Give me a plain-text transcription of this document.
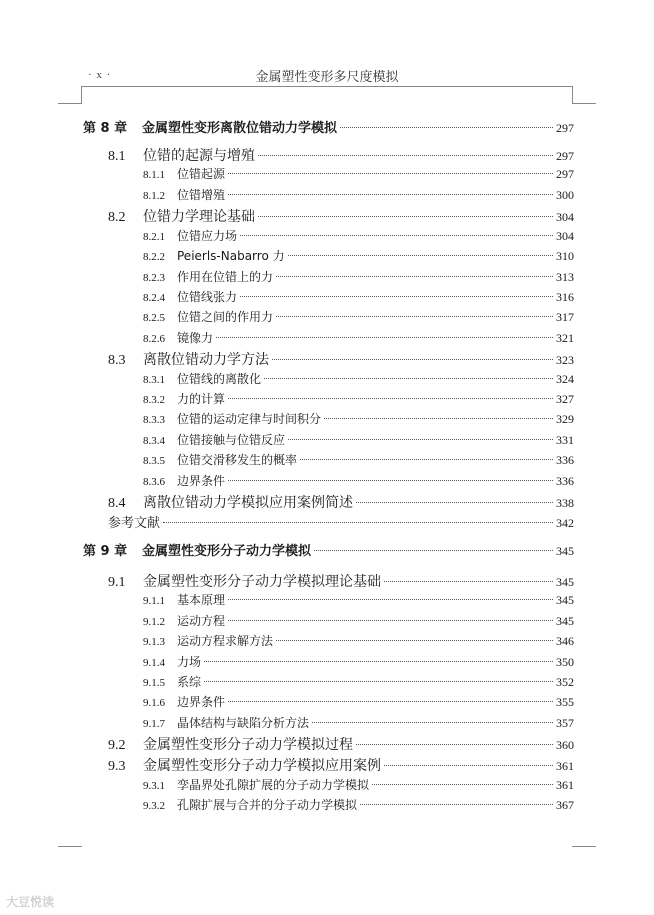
· x ·	金属塑性变形多尺度模拟
第 8 章	金属塑性变形离散位错动力学模拟	297
8.1	位错的起源与增殖	297
8.1.1	位错起源	297
8.1.2	位错增殖	300
8.2	位错力学理论基础	304
8.2.1	位错应力场	304
8.2.2	Peierls-Nabarro 力	310
8.2.3	作用在位错上的力	313
8.2.4	位错线张力	316
8.2.5	位错之间的作用力	317
8.2.6	镜像力	321
8.3	离散位错动力学方法	323
8.3.1	位错线的离散化	324
8.3.2	力的计算	327
8.3.3	位错的运动定律与时间积分	329
8.3.4	位错接触与位错反应	331
8.3.5	位错交滑移发生的概率	336
8.3.6	边界条件	336
8.4	离散位错动力学模拟应用案例简述	338
参考文献	342
第 9 章	金属塑性变形分子动力学模拟	345
9.1	金属塑性变形分子动力学模拟理论基础	345
9.1.1	基本原理	345
9.1.2	运动方程	345
9.1.3	运动方程求解方法	346
9.1.4	力场	350
9.1.5	系综	352
9.1.6	边界条件	355
9.1.7	晶体结构与缺陷分析方法	357
9.2	金属塑性变形分子动力学模拟过程	360
9.3	金属塑性变形分子动力学模拟应用案例	361
9.3.1	孪晶界处孔隙扩展的分子动力学模拟	361
9.3.2	孔隙扩展与合并的分子动力学模拟	367
大豆悦读
